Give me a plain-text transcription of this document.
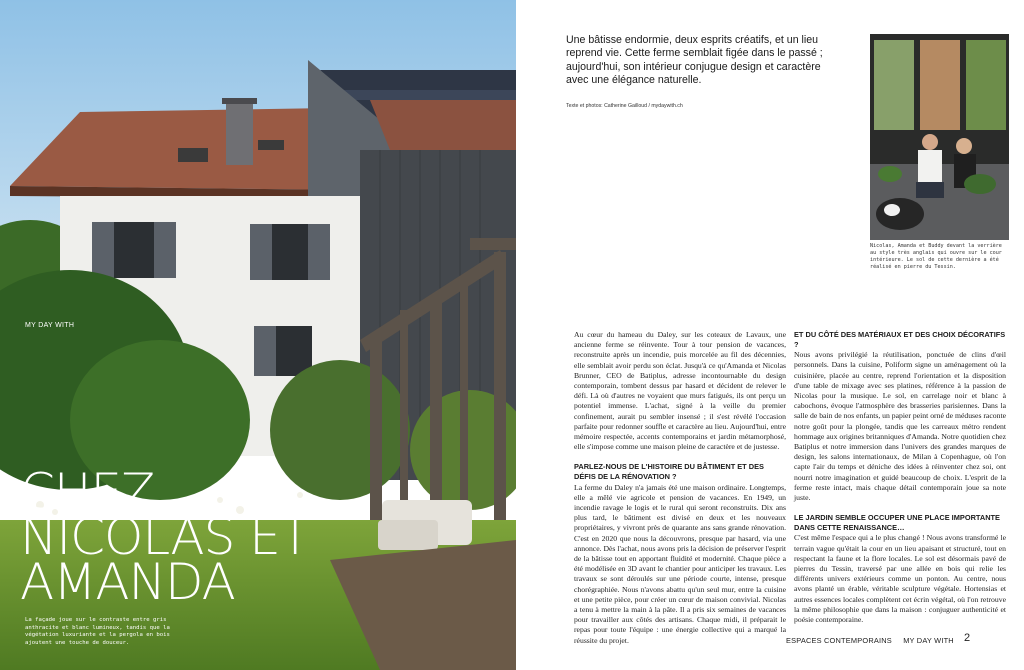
MY DAY WITH
CHEZ
NICOLAS ET
AMANDA
La façade joue sur le contraste entre gris anthracite et blanc lumineux, tandis que la végétation luxuriante et la pergola en bois ajoutent une touche de douceur.
Une bâtisse endormie, deux esprits créatifs, et un lieu reprend vie. Cette ferme semblait figée dans le passé ; aujourd'hui, son intérieur conjugue design et caractère avec une élégance naturelle.
Texte et photos: Catherine Gailloud / mydaywith.ch
Nicolas, Amanda et Buddy devant la verrière au style très anglais qui ouvre sur le cour intérieure. Le sol de cette dernière a été réalisé en pierre du Tessin.

Au cœur du hameau du Daley, sur les coteaux de Lavaux, une ancienne ferme se réinvente. Tour à tour pension de vacances, reconstruite après un incendie, puis morcelée au fil des décennies, elle semblait avoir perdu son éclat. Jusqu'à ce qu'Amanda et Nicolas Brunner, CEO de Batiplus, adresse incontournable du design contemporain, tombent dessus par hasard et décident de relever le défi. Là où d'autres ne voyaient que murs fatigués, ils ont perçu un potentiel immense. L'achat, signé à la veille du premier confinement, aurait pu sembler insensé ; il s'est révélé l'occasion parfaite pour redonner souffle et caractère au lieu. Aujourd'hui, entre mémoire respectée, accents contemporains et jardin métamorphosé, elle s'impose comme une maison pleine de caractère et de justesse.

PARLEZ-NOUS DE L'HISTOIRE DU BÂTIMENT ET DES DÉFIS DE LA RÉNOVATION ?

La ferme du Daley n'a jamais été une maison ordinaire. Longtemps, elle a mêlé vie agricole et pension de vacances. En 1949, un incendie ravage le logis et le rural qui seront reconstruits. Dix ans plus tard, le bâtiment est divisé en deux et les nouveaux propriétaires, y vivront près de quarante ans sans grande rénovation. C'est en 2020 que nous la découvrons, presque par hasard, via une annonce. Dès l'achat, nous avons pris la décision de préserver l'esprit de la bâtisse tout en apportant fluidité et modernité. Chaque pièce a été modélisée en 3D avant le chantier pour anticiper les travaux. Les travaux se sont déroulés sur une période courte, intense, presque chorégraphiée. Nous n'avons abattu qu'un seul mur, entre la cuisine et une petite pièce, pour créer un cœur de maison convivial. Nicolas a tenu à mettre la main à la pâte. Il a pris six semaines de vacances pour travailler aux côtés des artisans. Chaque midi, il préparait le repas pour toute l'équipe : une énergie collective qui a marqué la réussite du projet.

ET DU CÔTÉ DES MATÉRIAUX ET DES CHOIX DÉCORATIFS ?

Nous avons privilégié la réutilisation, ponctuée de clins d'œil personnels. Dans la cuisine, Poliform signe un aménagement où la cuisinière, placée au centre, reprend l'orientation et la disposition d'une table de mixage avec ses platines, référence à la passion de Nicolas pour la musique. Le sol, en carrelage noir et blanc à cabochons, évoque l'atmosphère des brasseries parisiennes. Dans la salle de bain de nos enfants, un papier peint orné de méduses raconte notre goût pour la plongée, tandis que les carreaux métro rendent hommage aux origines britanniques d'Amanda. Notre quotidien chez Batiplus et notre immersion dans l'univers des grandes marques de design, les salons internationaux, de Milan à Copenhague, où l'on capte l'air du temps et déniche des idées à réinventer chez soi, ont nourri notre imagination et guidé beaucoup de choix. L'esprit de la ferme reste intact, mais chaque détail contemporain joue sa note juste.

LE JARDIN SEMBLE OCCUPER UNE PLACE IMPORTANTE DANS CETTE RENAISSANCE…

C'est même l'espace qui a le plus changé ! Nous avons transformé le terrain vague qu'était la cour en un lieu apaisant et structuré, tout en respectant la faune et la flore locales. Le sol est désormais pavé de pierres du Tessin, traversé par une allée en bois qui relie les différents univers extérieurs comme un ponton. Au centre, nous avons planté un érable, véritable sculpture végétale. Hortensias et autres essences locales complètent cet écrin végétal, où l'on retrouve la même philosophie que dans la maison : conjuguer authenticité et poésie contemporaine.

ESPACES CONTEMPORAINS MY DAY WITH 2
